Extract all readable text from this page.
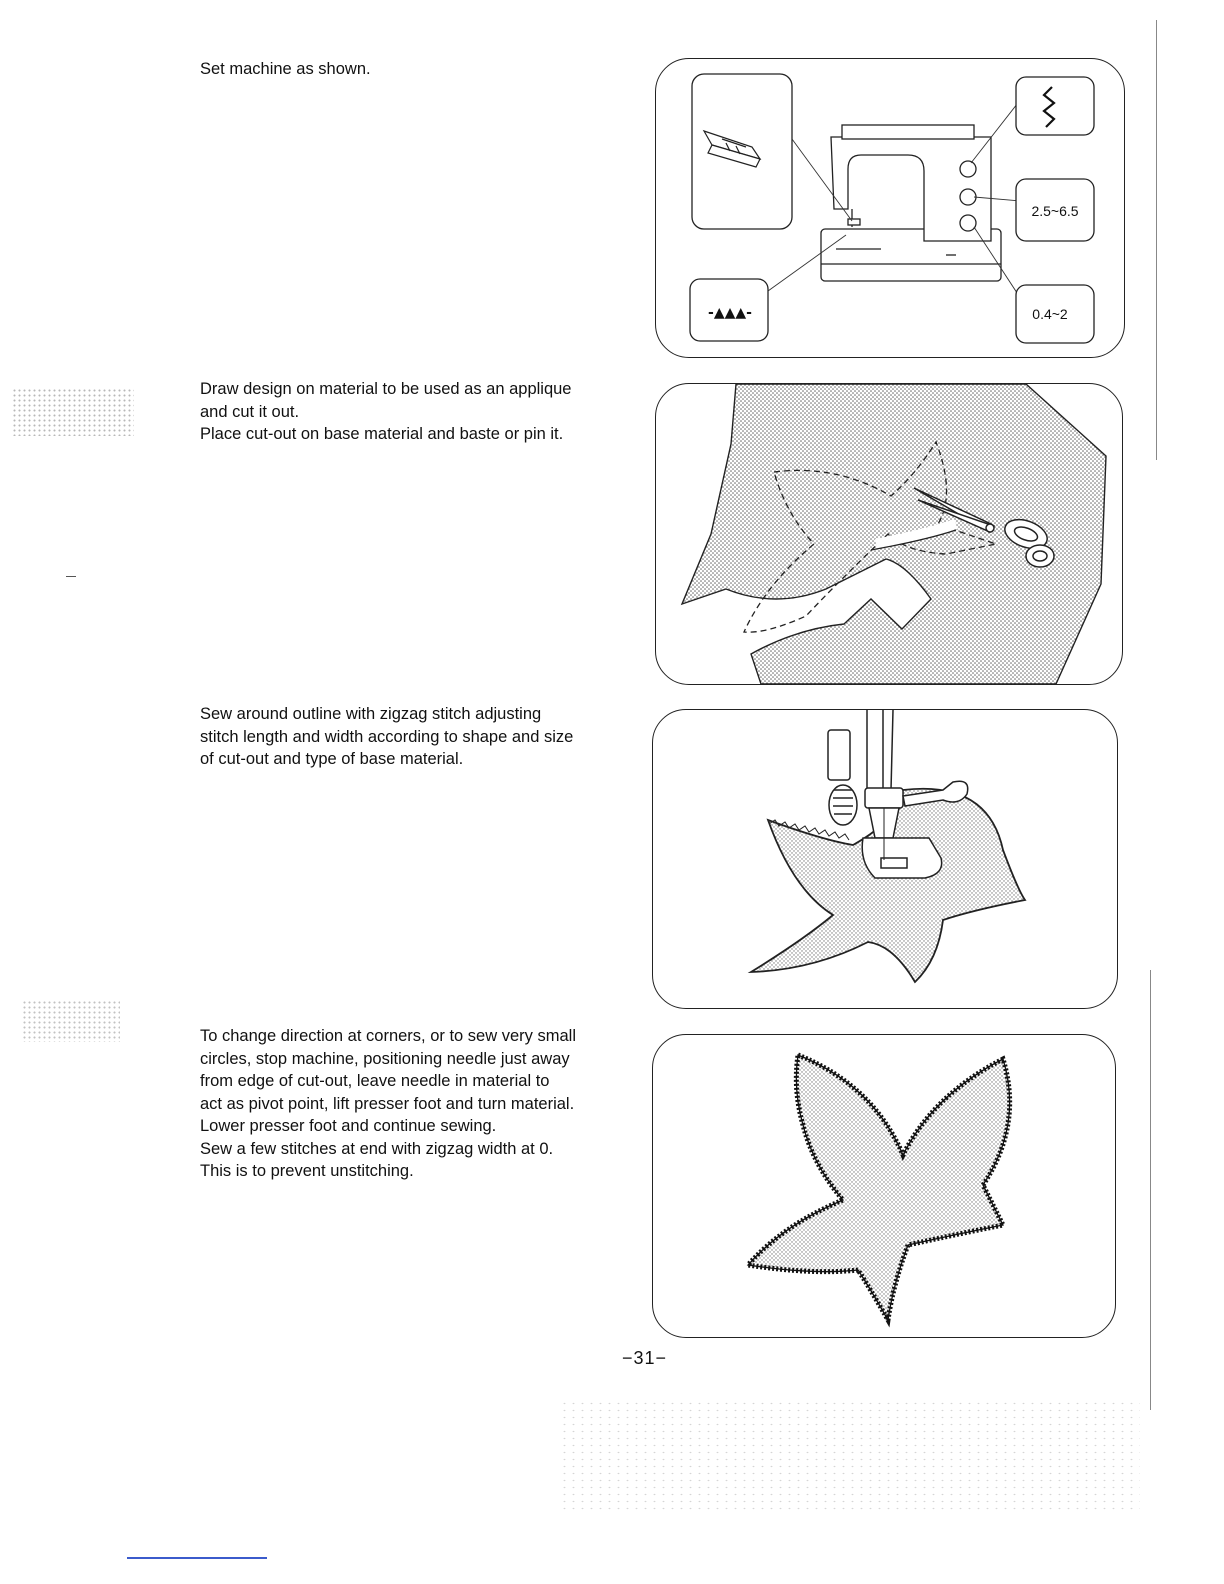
Set machine as shown.

Draw design on material to be used as an applique

and cut it out.

Place cut-out on base material and baste or pin it.

Sew around outline with zigzag stitch adjusting

stitch length and width according to shape and size

of cut-out and type of base material.

To change direction at corners, or to sew very small

circles, stop machine, positioning needle just away

from edge of cut-out, leave needle in material to

act as pivot point, lift presser foot and turn material.

Lower presser foot and continue sewing.

Sew a few stitches at end with zigzag width at 0.

This is to prevent unstitching.

-▲▲▲-
2.5~6.5
0.4~2
−31−
